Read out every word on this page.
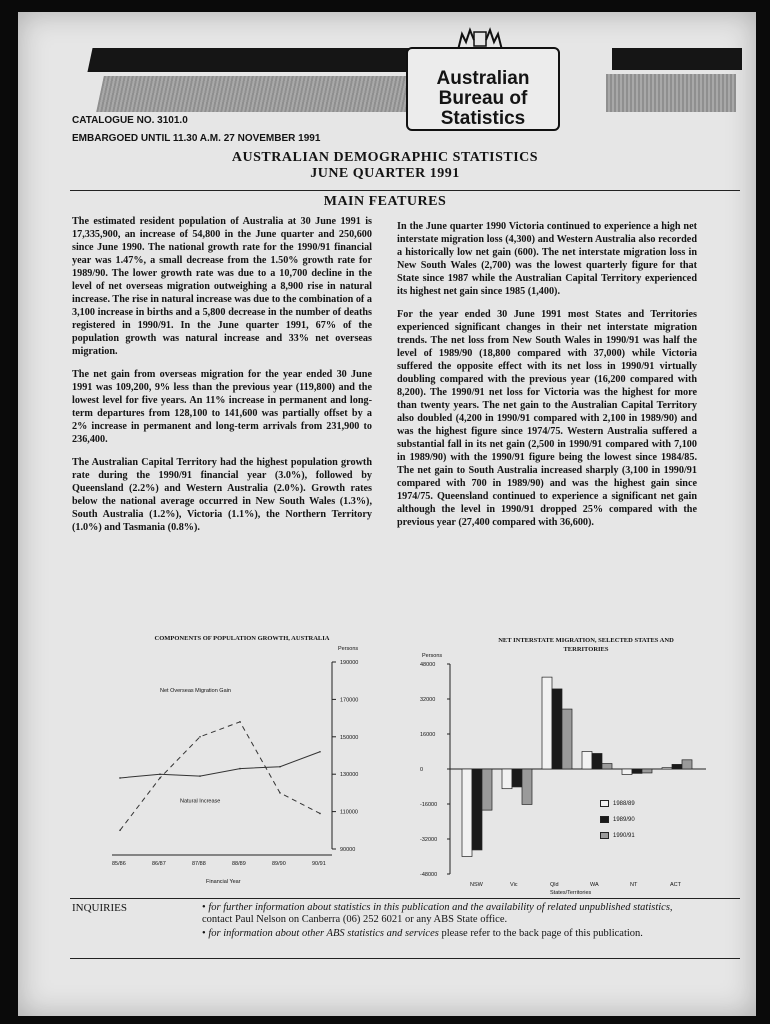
Australian
Bureau of
Statistics
CATALOGUE NO. 3101.0
EMBARGOED UNTIL 11.30 A.M. 27 NOVEMBER 1991
AUSTRALIAN DEMOGRAPHIC STATISTICS
JUNE QUARTER 1991
MAIN FEATURES

The estimated resident population of Australia at 30 June 1991 is 17,335,900, an increase of 54,800 in the June quarter and 250,600 since June 1990. The national growth rate for the 1990/91 financial year was 1.47%, a small decrease from the 1.50% growth rate for 1989/90. The lower growth rate was due to a 10,700 decline in the level of net overseas migration outweighing a 8,900 rise in natural increase. The rise in natural increase was due to the combination of a 3,100 increase in births and a 5,800 decrease in the number of deaths registered in 1990/91. In the June quarter 1991, 67% of the population growth was natural increase and 33% net overseas migration.

The net gain from overseas migration for the year ended 30 June 1991 was 109,200, 9% less than the previous year (119,800) and the lowest level for five years. An 11% increase in permanent and long-term departures from 128,100 to 141,600 was partially offset by a 2% increase in permanent and long-term arrivals from 231,900 to 236,400.

The Australian Capital Territory had the highest population growth rate during the 1990/91 financial year (3.0%), followed by Queensland (2.2%) and Western Australia (2.0%). Growth rates below the national average occurred in New South Wales (1.3%), South Australia (1.2%), Victoria (1.1%), the Northern Territory (1.0%) and Tasmania (0.8%).

In the June quarter 1990 Victoria continued to experience a high net interstate migration loss (4,300) and Western Australia also recorded a historically low net gain (600). The net interstate migration loss in New South Wales (2,700) was the lowest quarterly figure for that State since 1987 while the Australian Capital Territory experienced its highest net gain since 1985 (1,400).

For the year ended 30 June 1991 most States and Territories experienced significant changes in their net interstate migration trends. The net loss from New South Wales in 1990/91 was half the level of 1989/90 (18,800 compared with 37,000) while Victoria suffered the opposite effect with its net loss in 1990/91 virtually doubling compared with the previous year (16,200 compared with 8,200). The 1990/91 net loss for Victoria was the highest for more than twenty years. The net gain to the Australian Capital Territory also doubled (4,200 in 1990/91 compared with 2,100 in 1989/90) and was the highest figure since 1974/75. Western Australia suffered a substantial fall in its net gain (2,500 in 1990/91 compared with 7,100 in 1989/90) with the 1990/91 figure being the lowest since 1984/85. The net gain to South Australia increased sharply (3,100 in 1990/91 compared with 700 in 1989/90) and was the highest gain since 1974/75. Queensland continued to experience a significant net gain although the level in 1990/91 dropped 25% compared with the previous year (27,400 compared with 36,600).

COMPONENTS OF POPULATION GROWTH, AUSTRALIA
Persons
190000
170000
150000
130000
110000
90000
85/86	86/87	87/88	88/89	89/90	90/91
Financial Year
Net Overseas Migration Gain
Natural Increase
NET INTERSTATE MIGRATION, SELECTED STATES AND TERRITORIES
Persons
48000
32000
16000
0
-16000
-32000
-48000
NSW	Vic	Qld	WA	NT	ACT
States/Territories
1988/89
1989/90
1990/91
INQUIRIES	• for further information about statistics in this publication and the availability of related unpublished statistics, contact Paul Nelson on Canberra (06) 252 6021 or any ABS State office.

• for information about other ABS statistics and services please refer to the back page of this publication.
